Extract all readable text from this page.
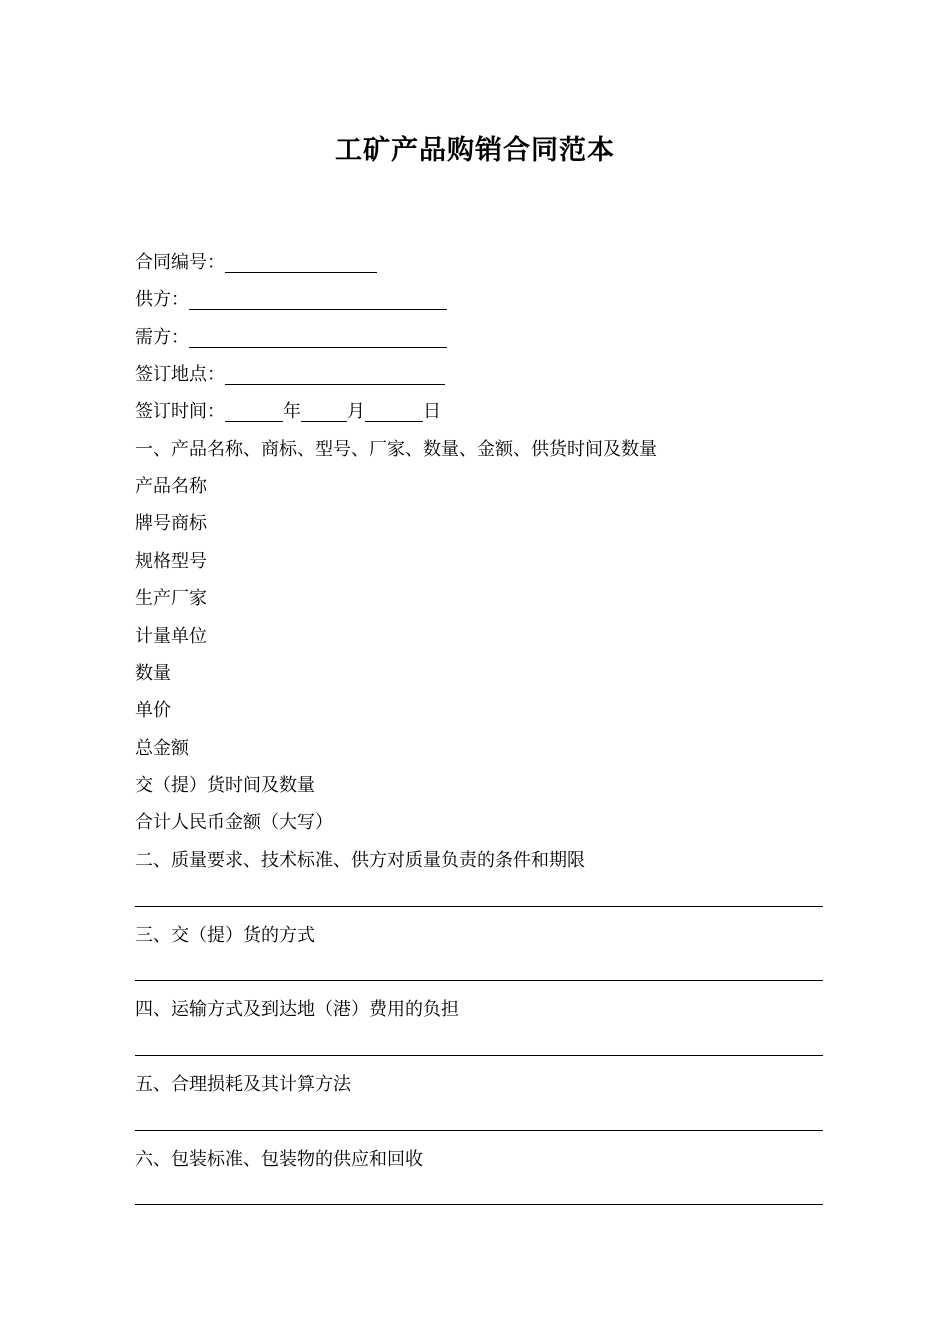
工矿产品购销合同范本
合同编号：
供方：
需方：
签订地点：
签订时间：	年	月	日
一、产品名称、商标、型号、厂家、数量、金额、供货时间及数量
产品名称
牌号商标
规格型号
生产厂家
计量单位
数量
单价
总金额
交（提）货时间及数量
合计人民币金额（大写）
二、质量要求、技术标准、供方对质量负责的条件和期限
三、交（提）货的方式
四、运输方式及到达地（港）费用的负担
五、合理损耗及其计算方法
六、包装标准、包装物的供应和回收
